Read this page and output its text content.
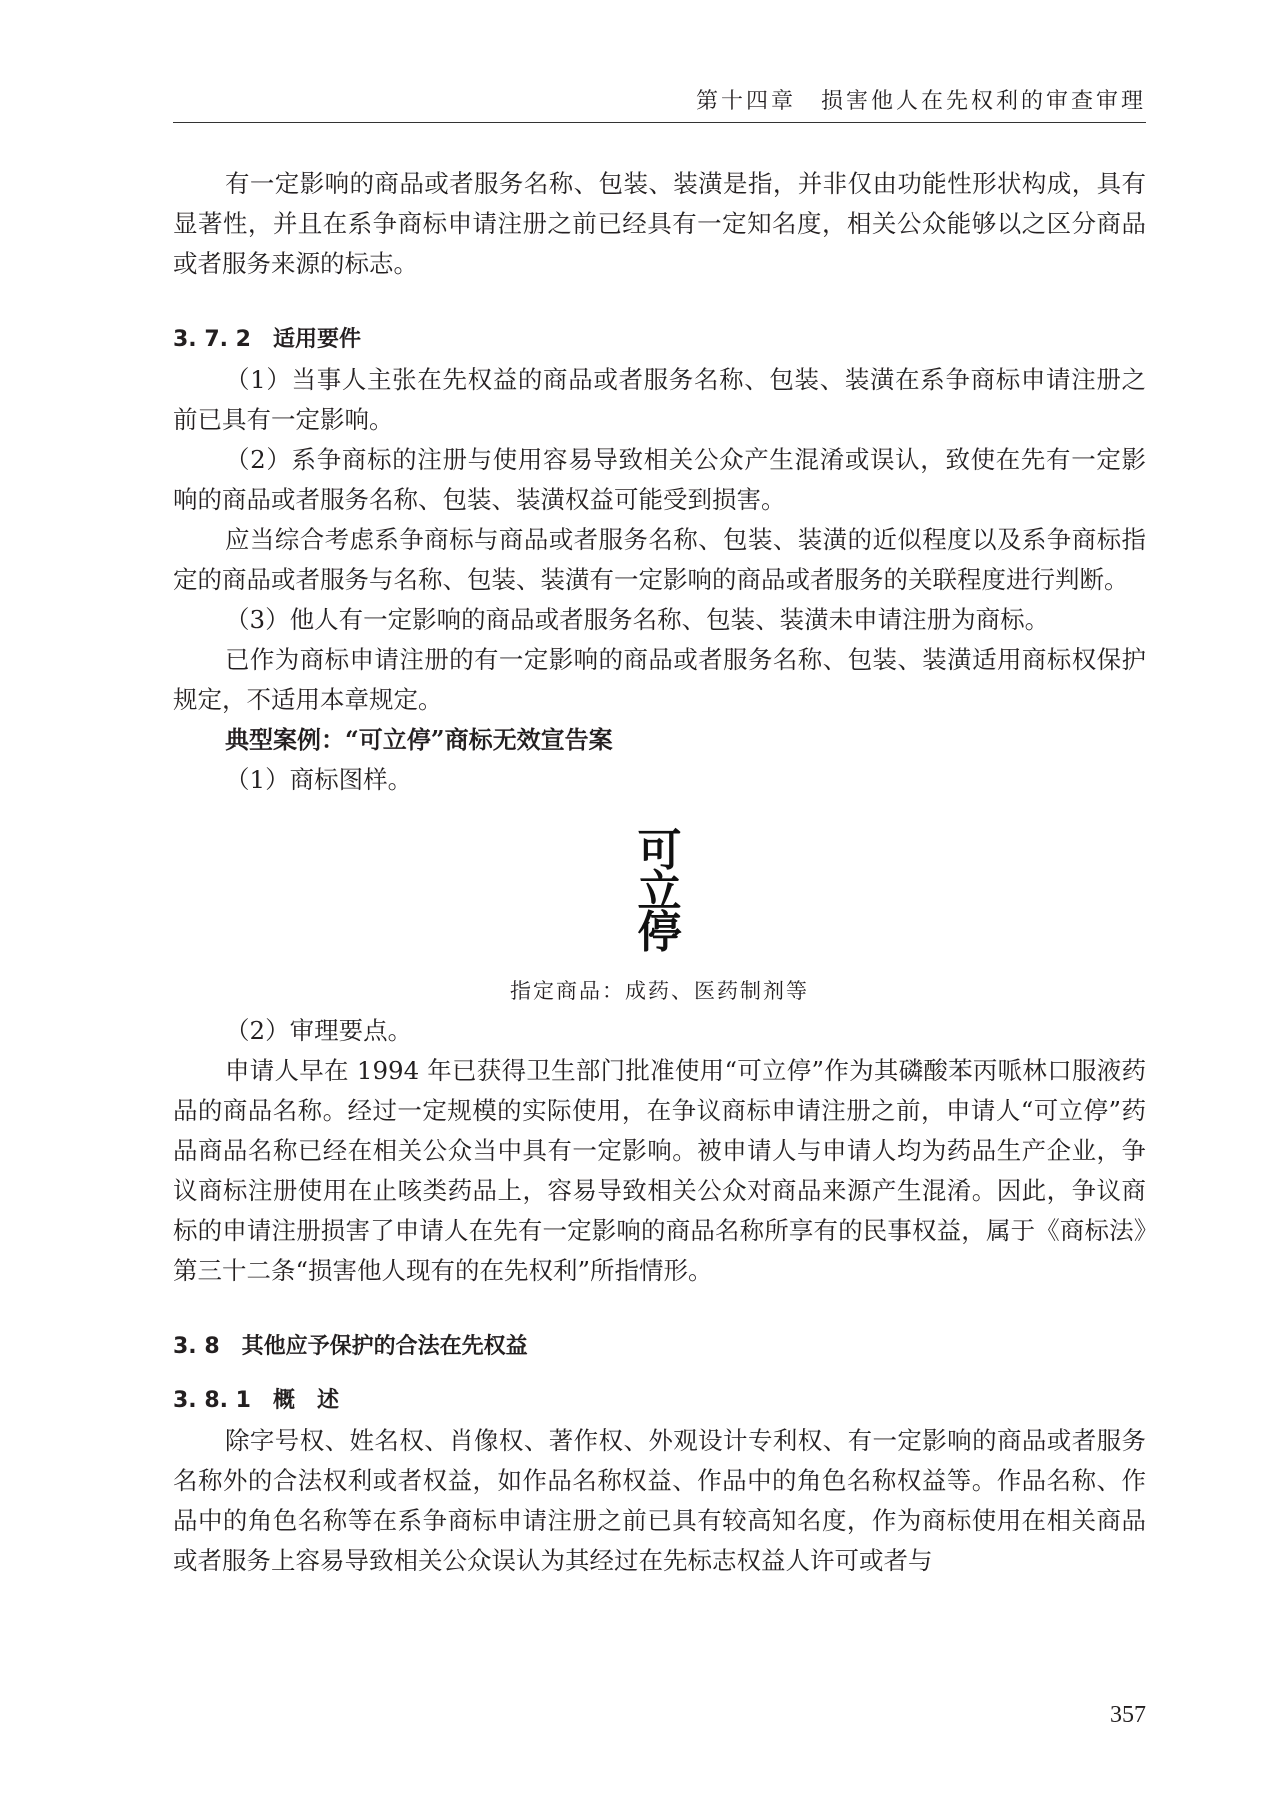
第十四章　损害他人在先权利的审查审理

有一定影响的商品或者服务名称、包装、装潢是指，并非仅由功能性形状构成，具有显著性，并且在系争商标申请注册之前已经具有一定知名度，相关公众能够以之区分商品或者服务来源的标志。

3. 7. 2　适用要件

（1）当事人主张在先权益的商品或者服务名称、包装、装潢在系争商标申请注册之前已具有一定影响。

（2）系争商标的注册与使用容易导致相关公众产生混淆或误认，致使在先有一定影响的商品或者服务名称、包装、装潢权益可能受到损害。

应当综合考虑系争商标与商品或者服务名称、包装、装潢的近似程度以及系争商标指定的商品或者服务与名称、包装、装潢有一定影响的商品或者服务的关联程度进行判断。

（3）他人有一定影响的商品或者服务名称、包装、装潢未申请注册为商标。

已作为商标申请注册的有一定影响的商品或者服务名称、包装、装潢适用商标权保护规定，不适用本章规定。

典型案例：“可立停”商标无效宣告案

（1）商标图样。

可
立
停
指定商品：成药、医药制剂等

（2）审理要点。

申请人早在 1994 年已获得卫生部门批准使用“可立停”作为其磷酸苯丙哌林口服液药品的商品名称。经过一定规模的实际使用，在争议商标申请注册之前，申请人“可立停”药品商品名称已经在相关公众当中具有一定影响。被申请人与申请人均为药品生产企业，争议商标注册使用在止咳类药品上，容易导致相关公众对商品来源产生混淆。因此，争议商标的申请注册损害了申请人在先有一定影响的商品名称所享有的民事权益，属于《商标法》第三十二条“损害他人现有的在先权利”所指情形。

3. 8　其他应予保护的合法在先权益
3. 8. 1　概　述

除字号权、姓名权、肖像权、著作权、外观设计专利权、有一定影响的商品或者服务名称外的合法权利或者权益，如作品名称权益、作品中的角色名称权益等。作品名称、作品中的角色名称等在系争商标申请注册之前已具有较高知名度，作为商标使用在相关商品或者服务上容易导致相关公众误认为其经过在先标志权益人许可或者与

357
